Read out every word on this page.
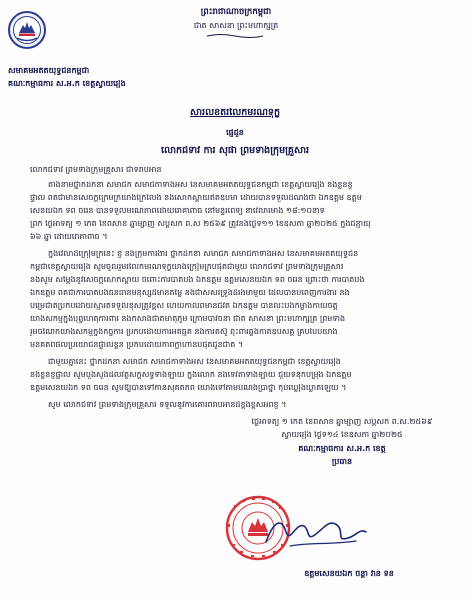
ព្រះរាជាណាចក្រកម្ពុជា
ជាតិ សាសនា ព្រះមហាក្សត្រ
សមាគមអតីតយុទ្ធជនកម្ពុជា
គណៈកម្មាធិការ ស.អ.ក ខេត្តស្វាយរៀង
សារលិខិតរំលែកមរណទុក្ខ
ផ្ញើជូន
លោកជំទាវ ការ ស៊ីផា ព្រមទាំងក្រុមគ្រួសារ
លោកជំទាវ ព្រមទាំងក្រុមគ្រួសារ ជាទីរាប់អាន
តាងនាមថ្នាក់ដឹកនាំ សមាជិក សមាជិកាទាំងអស់ នៃសមាគមអតីតយុទ្ធជនកម្ពុជា ខេត្តស្វាយរៀង និងខ្លួនខ្ញុំ
ផ្ទាល់ ពិតជាមានសេចក្តីក្រេមក្រំយ៉ាងក្រៃលែង និងសោកស្តាយឥតឧបមា ដោយបានទទួលដំណឹងថា ឯកឧត្តម ឧត្តម
សេនីយ៍ឯក ទ័ព ចំរើន បានទទួលមរណភាពដោយរោគាពាធ នៅមន្ទីរពេទ្យ នាវេលាម៉ោង ១៨:១០នាទី
ព្រឹក ថ្ងៃអាទិត្យ ១ កើត ខែពិសាខ ឆ្នាំម្សាញ់ សប្តស័ក ព.ស ២៥៦៩ ត្រូវនឹងថ្ងៃទី១១ ខែឧសភា ឆ្នាំ២០២៥ ក្នុងជន្មាយុ
៦៦ ឆ្នាំ ដោយរោគាពាធ ។
ក្នុងវេលាដ៏ក្រៀមក្រំនេះ ខ្ញុំ និងក្រុមការងារ ថ្នាក់ដឹកនាំ សមាជិក សមាជិកាទាំងអស់ នៃសមាគមអតីតយុទ្ធជន
កម្ពុជាខេត្តស្វាយរៀង សូមចូលរួមរំលែកមរណទុក្ខយ៉ាងក្រៀមក្រំបំផុតជាមួយ លោកជំទាវ ព្រមទាំងក្រុមគ្រួសារ
និងសូម សម្តែងនូវសេចក្តីសោកស្តាយ ចំពោះការបាត់បង់ ឯកឧត្តម ឧត្តមសេនីយ៍ឯក ទ័ព ចំរើន ព្រោះថា ការបាត់បង់
ឯកឧត្តម ពិតជាការបាត់បង់ធនធានមនុស្សដ៏មានតម្លៃ និងជាសសរទ្រូងដ៏រឹងមាំមួយ ដែលបានបំពេញការងារ និង
បម្រើជាតិប្រកបដោយស្មារតីទទួលខុសត្រូវខ្ពស់ ហើយកាលពីមានជីវិត ឯកឧត្តម បានលះបង់កម្លាំងកាយចិត្ត
យ៉ាងសកម្មក្នុងបុព្វហេតុការពារ និងកសាងជាតិមាតុភូមិ ក្រោមបាវចនា ជាតិ សាសនា ព្រះមហាក្សត្រ ព្រមទាំង
រួមចំណែកយ៉ាងសកម្មក្នុងកិច្ចការ ប្រកបដោយការអត់ធ្មត់ និងការតស៊ូ ពុះពារឆ្លងកាត់ឧបសគ្គ គ្រប់បែបយ៉ាង
មិនគិតពីផលប្រយោជន៍ផ្ទាល់ខ្លួន ប្រកបដោយភាពក្លាហានបំផុតជូនជាតិ ។
ជាមួយគ្នានេះ ថ្នាក់ដឹកនាំ សមាជិក សមាជិកាទាំងអស់ នៃសមាគមអតីតយុទ្ធជនកម្ពុជា ខេត្តស្វាយរៀង
និងខ្លួនខ្ញុំផ្ទាល់ សូមបួងសួងដល់វត្ថុស័ក្តិសិទ្ធិទាំងឡាយ ក្នុងលោក និងទេវតាទាំងឡាយ ជួយទំនុកបម្រុង ឯកឧត្តម
ឧត្តមសេនីយ៍ឯក ទ័ព ចំរើន សូមឱ្យបានទៅកាន់សុគតិភព យោងទៅតាមបំណងប្រាថ្នា កុំបីឃ្លៀងឃ្លាតឡើយ ។
សូម លោកជំទាវ ព្រមទាំងក្រុមគ្រួសារ ទទួលនូវការគោរពរាប់អានដ៏ខ្ពង់ខ្ពស់អំពីខ្ញុំ ។
ថ្ងៃអាទិត្យ ១ កើត ខែពិសាខ ឆ្នាំម្សាញ់ សប្តស័ក ព.ស.២៥៦៩
ស្វាយរៀង ថ្ងៃទី១៤ ខែឧសភា ឆ្នាំ២០២៥
គណៈកម្មាធិការ ស.អ.ក ខេត្ត
ប្រធាន
ឧត្តមសេនីយ៍ឯក ចិន្តា វ៉ាន់ ទីន
